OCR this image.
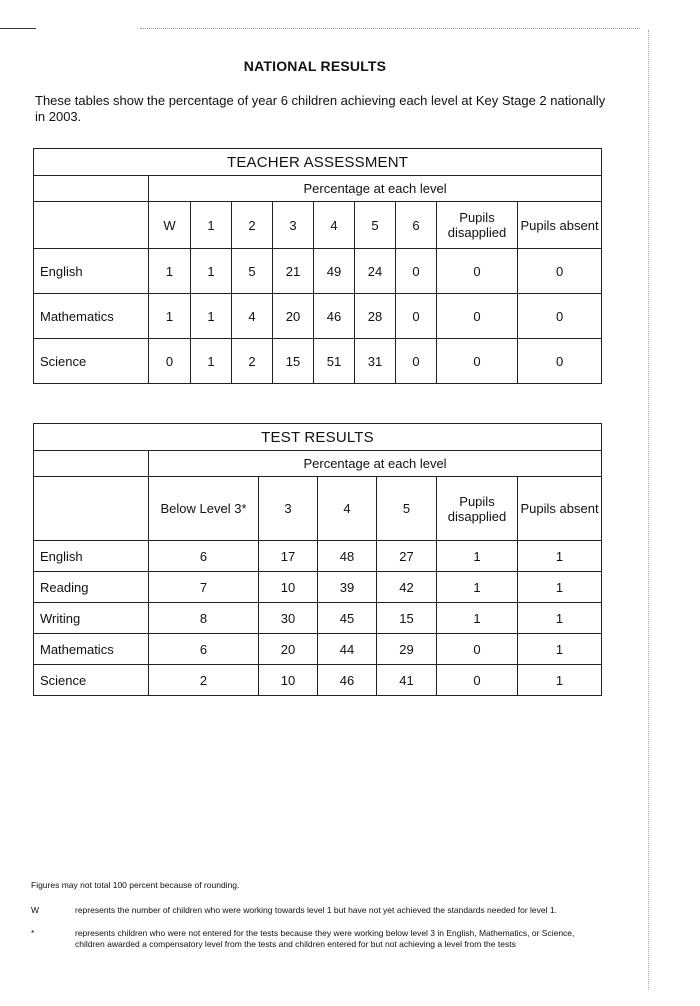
NATIONAL RESULTS
These tables show the percentage of year 6 children achieving each level at Key Stage 2 nationally in 2003.
TEACHER ASSESSMENT									
	Percentage at each level								
	W	1	2	3	4	5	6	Pupils disapplied	Pupils absent
English	1	1	5	21	49	24	0	0	0
Mathematics	1	1	4	20	46	28	0	0	0
Science	0	1	2	15	51	31	0	0	0
TEST RESULTS						
	Percentage at each level					
	Below Level 3*	3	4	5	Pupils disapplied	Pupils absent
English	6	17	48	27	1	1
Reading	7	10	39	42	1	1
Writing	8	30	45	15	1	1
Mathematics	6	20	44	29	0	1
Science	2	10	46	41	0	1
Figures may not total 100 percent because of rounding.
W	represents the number of children who were working towards level 1 but have not yet achieved the standards needed for level 1.
*	represents children who were not entered for the tests because they were working below level 3 in English, Mathematics, or Science, children awarded a compensatory level from the tests and children entered for but not achieving a level from the tests
